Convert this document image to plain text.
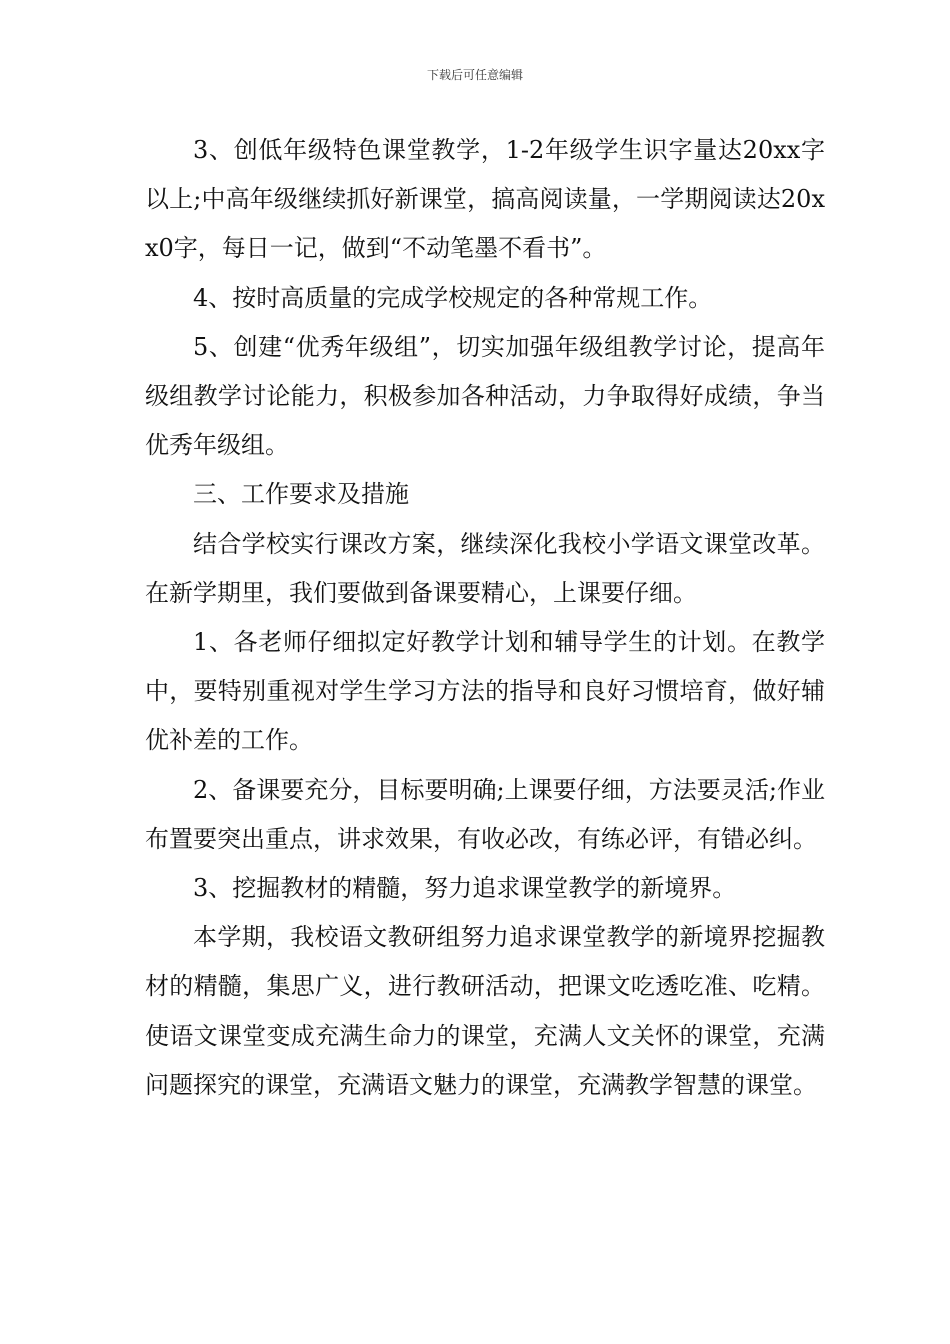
下载后可任意编辑

3、创低年级特色课堂教学，1-2年级学生识字量达20xx字以上;中高年级继续抓好新课堂，搞高阅读量，一学期阅读达20xx0字，每日一记，做到“不动笔墨不看书”。

4、按时高质量的完成学校规定的各种常规工作。

5、创建“优秀年级组”，切实加强年级组教学讨论，提高年级组教学讨论能力，积极参加各种活动，力争取得好成绩，争当优秀年级组。

三、工作要求及措施

结合学校实行课改方案，继续深化我校小学语文课堂改革。在新学期里，我们要做到备课要精心，上课要仔细。

1、各老师仔细拟定好教学计划和辅导学生的计划。在教学中，要特别重视对学生学习方法的指导和良好习惯培育，做好辅优补差的工作。

2、备课要充分，目标要明确;上课要仔细，方法要灵活;作业布置要突出重点，讲求效果，有收必改，有练必评，有错必纠。

3、挖掘教材的精髓，努力追求课堂教学的新境界。

本学期，我校语文教研组努力追求课堂教学的新境界挖掘教材的精髓，集思广义，进行教研活动，把课文吃透吃准、吃精。使语文课堂变成充满生命力的课堂，充满人文关怀的课堂，充满问题探究的课堂，充满语文魅力的课堂，充满教学智慧的课堂。
